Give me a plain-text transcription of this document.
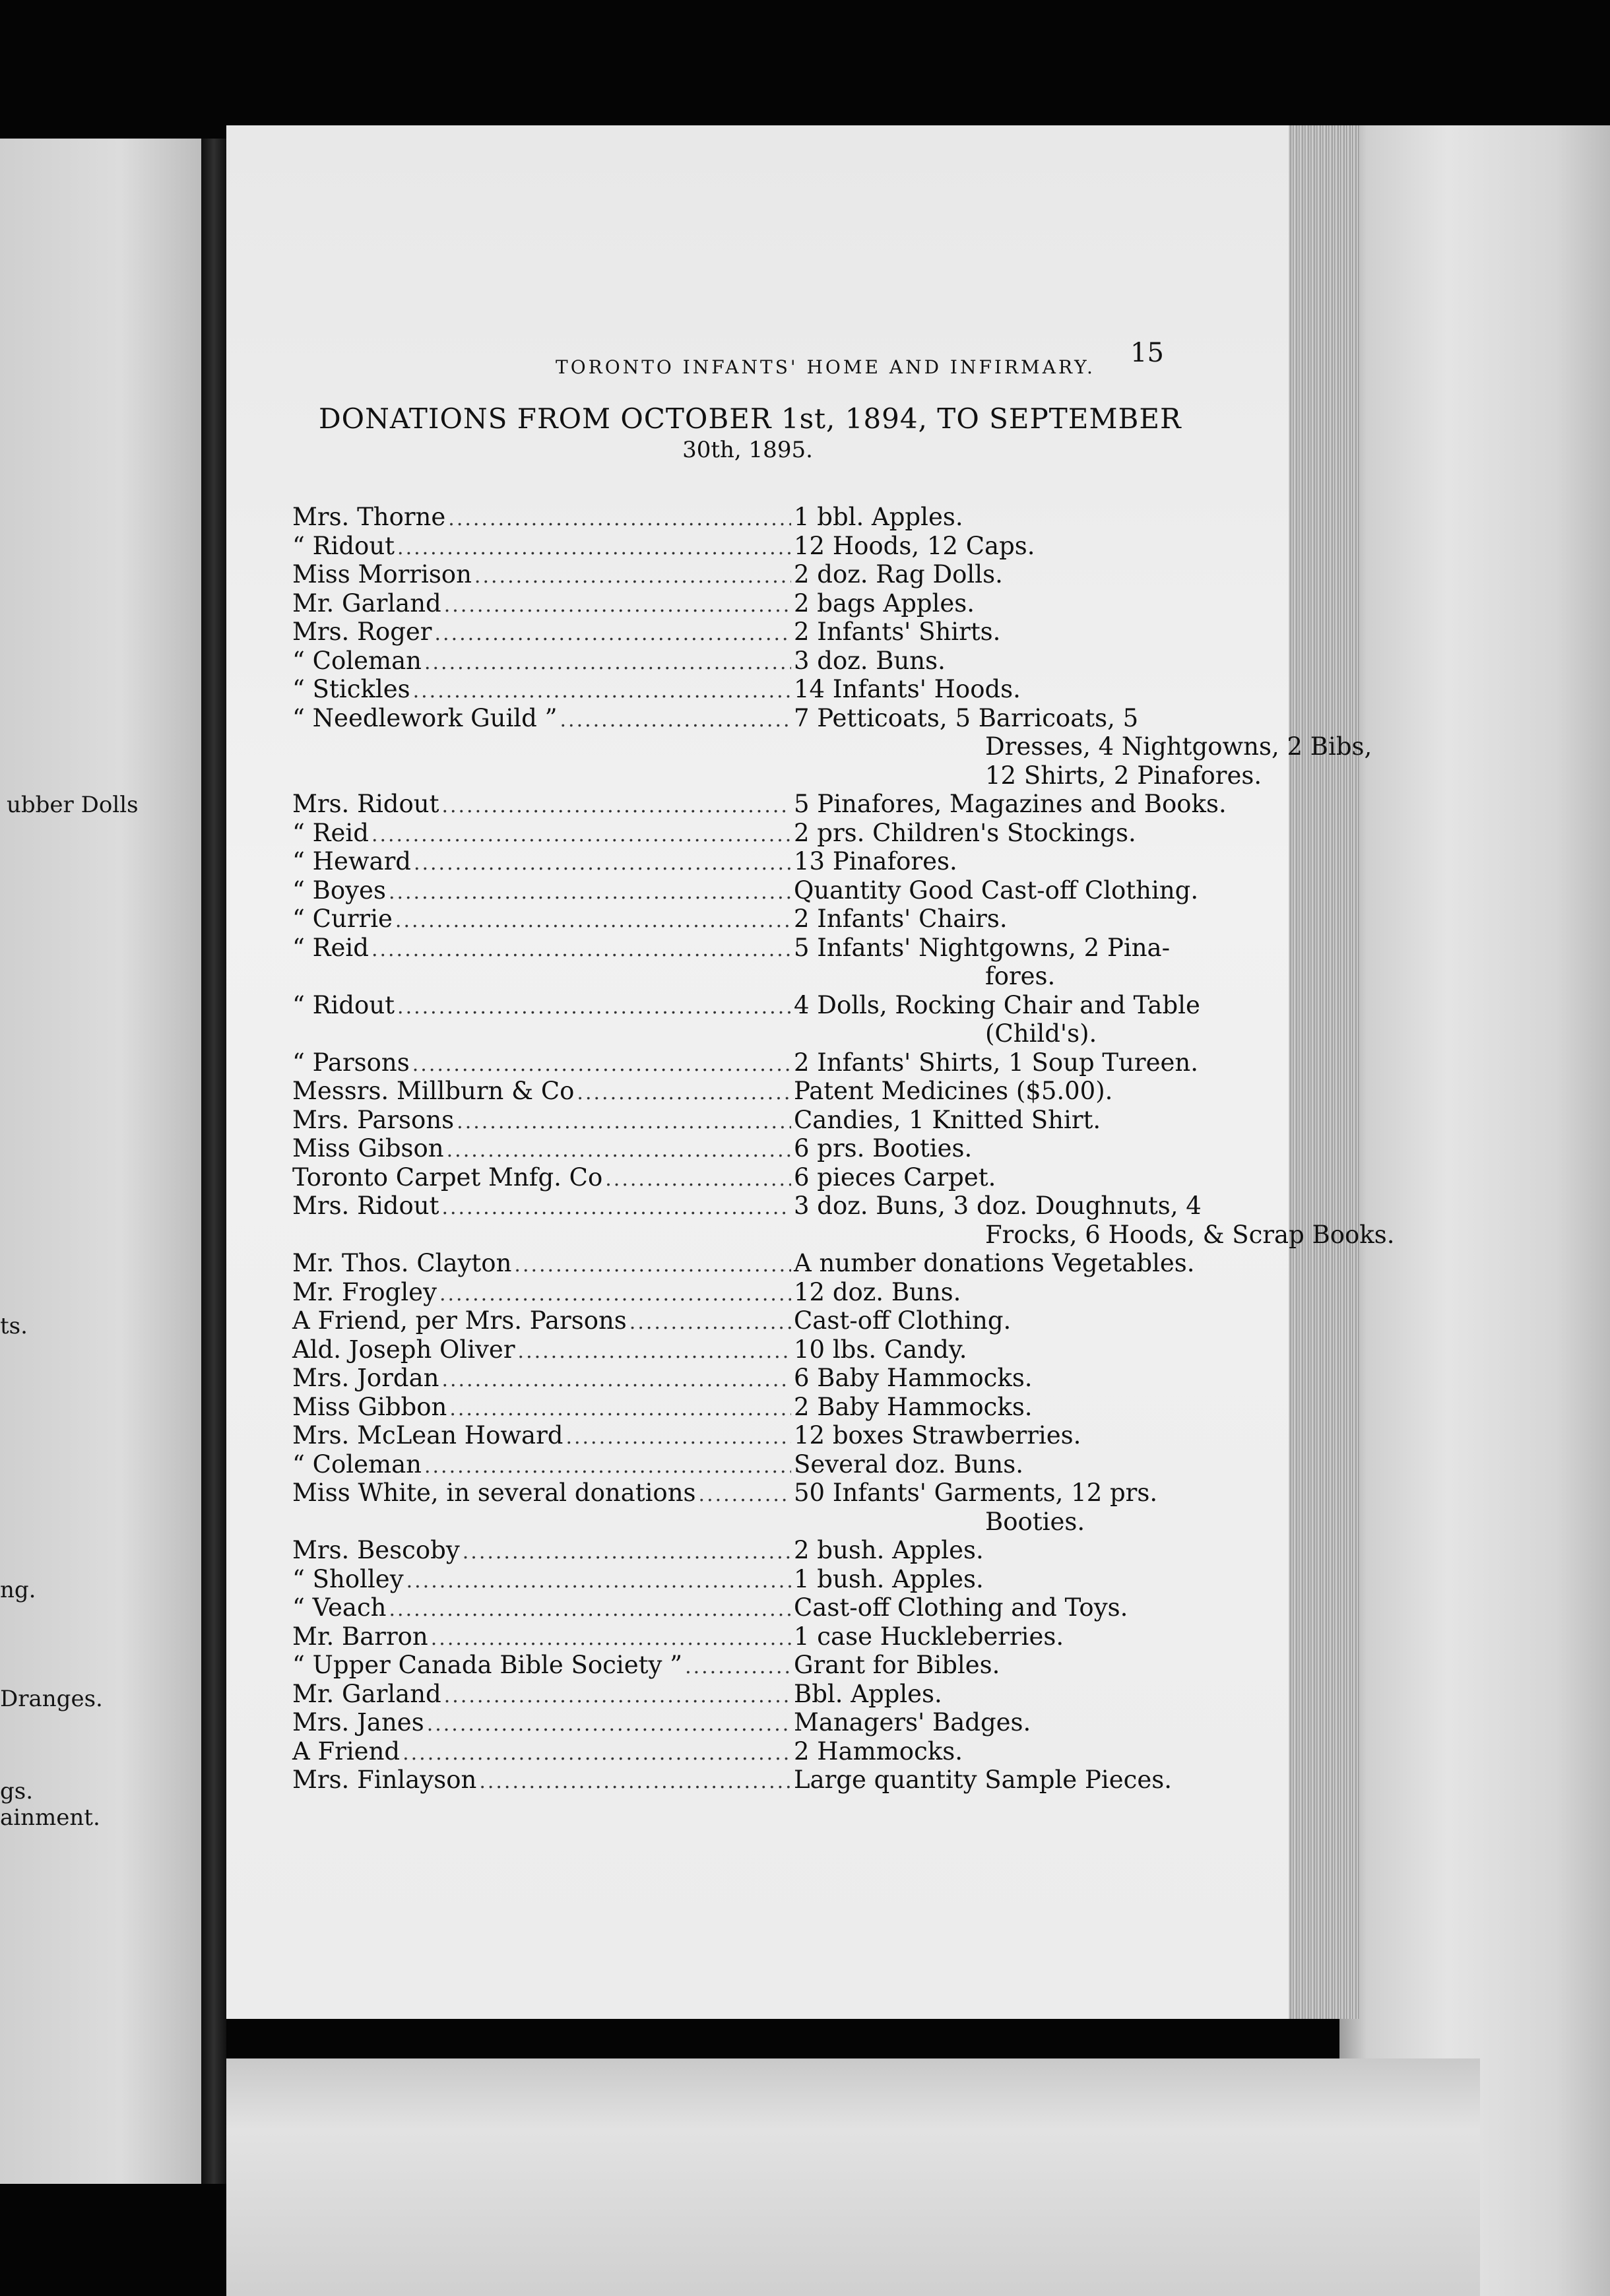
ubber Dolls
ts.
ng.
Dranges.
gs.
ainment.
TORONTO INFANTS' HOME AND INFIRMARY.	15
DONATIONS FROM OCTOBER 1st, 1894, TO SEPTEMBER
30th, 1895.
Mrs. Thorne .....	1 bbl. Apples.
“ Ridout .....	12 Hoods, 12 Caps.
Miss Morrison .....	2 doz. Rag Dolls.
Mr. Garland .....	2 bags Apples.
Mrs. Roger .....	2 Infants' Shirts.
“ Coleman .....	3 doz. Buns.
“ Stickles .....	14 Infants' Hoods.
“ Needlework Guild ” .....	7 Petticoats, 5 Barricoats, 5
Dresses, 4 Nightgowns, 2 Bibs,
12 Shirts, 2 Pinafores.
Mrs. Ridout .....	5 Pinafores, Magazines and Books.
“ Reid .....	2 prs. Children's Stockings.
“ Heward .....	13 Pinafores.
“ Boyes .....	Quantity Good Cast-off Clothing.
“ Currie .....	2 Infants' Chairs.
“ Reid .....	5 Infants' Nightgowns, 2 Pina-
fores.
“ Ridout .....	4 Dolls, Rocking Chair and Table
(Child's).
“ Parsons .....	2 Infants' Shirts, 1 Soup Tureen.
Messrs. Millburn & Co .....	Patent Medicines ($5.00).
Mrs. Parsons .....	Candies, 1 Knitted Shirt.
Miss Gibson .....	6 prs. Booties.
Toronto Carpet Mnfg. Co .....	6 pieces Carpet.
Mrs. Ridout .....	3 doz. Buns, 3 doz. Doughnuts, 4
Frocks, 6 Hoods, & Scrap Books.
Mr. Thos. Clayton .....	A number donations Vegetables.
Mr. Frogley .....	12 doz. Buns.
A Friend, per Mrs. Parsons .....	Cast-off Clothing.
Ald. Joseph Oliver .....	10 lbs. Candy.
Mrs. Jordan .....	6 Baby Hammocks.
Miss Gibbon .....	2 Baby Hammocks.
Mrs. McLean Howard .....	12 boxes Strawberries.
“ Coleman .....	Several doz. Buns.
Miss White, in several donations .....	50 Infants' Garments, 12 prs.
Booties.
Mrs. Bescoby .....	2 bush. Apples.
“ Sholley .....	1 bush. Apples.
“ Veach .....	Cast-off Clothing and Toys.
Mr. Barron .....	1 case Huckleberries.
“ Upper Canada Bible Society ” .....	Grant for Bibles.
Mr. Garland .....	Bbl. Apples.
Mrs. Janes .....	Managers' Badges.
A Friend .....	2 Hammocks.
Mrs. Finlayson .....	Large quantity Sample Pieces.
